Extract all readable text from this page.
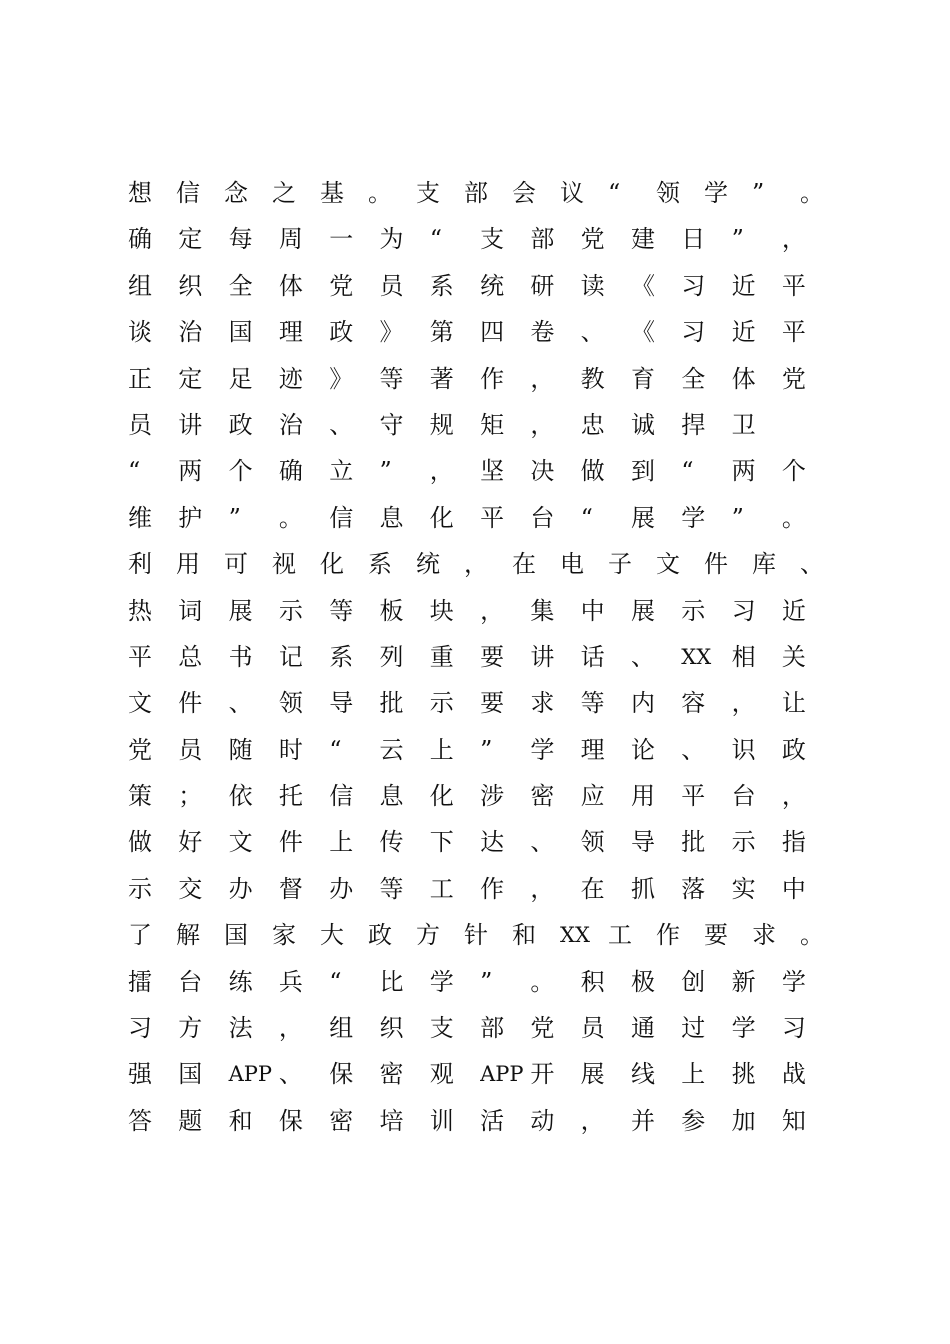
想	信	念	之	基	。	支	部	会	议	“	领	学	”	。
确	定	每	周	一	为	“	支	部	党	建	日	”	，
组	织	全	体	党	员	系	统	研	读	《	习	近	平
谈	治	国	理	政	》	第	四	卷	、	《	习	近	平
正	定	足	迹	》	等	著	作	，	教	育	全	体	党
员	讲	政	治	、	守	规	矩	，	忠	诚	捍	卫
“	两	个	确	立	”	，	坚	决	做	到	“	两	个
维	护	”	。	信	息	化	平	台	“	展	学	”	。
利	用	可	视	化	系	统	，	在	电	子	文	件	库	、
热	词	展	示	等	板	块	，	集	中	展	示	习	近
平	总	书	记	系	列	重	要	讲	话	、	XX 相	关
文	件	、	领	导	批	示	要	求	等	内	容	，	让
党	员	随	时	“	云	上	”	学	理	论	、	识	政
策	；	依	托	信	息	化	涉	密	应	用	平	台	，
做	好	文	件	上	传	下	达	、	领	导	批	示	指
示	交	办	督	办	等	工	作	，	在	抓	落	实	中
了	解	国	家	大	政	方	针	和	XX 工	作	要	求	。
擂	台	练	兵	“	比	学	”	。	积	极	创	新	学
习	方	法	，	组	织	支	部	党	员	通	过	学	习
强	国	APP 、	保	密	观	APP 开	展	线	上	挑	战
答	题	和	保	密	培	训	活	动	，	并	参	加	知
